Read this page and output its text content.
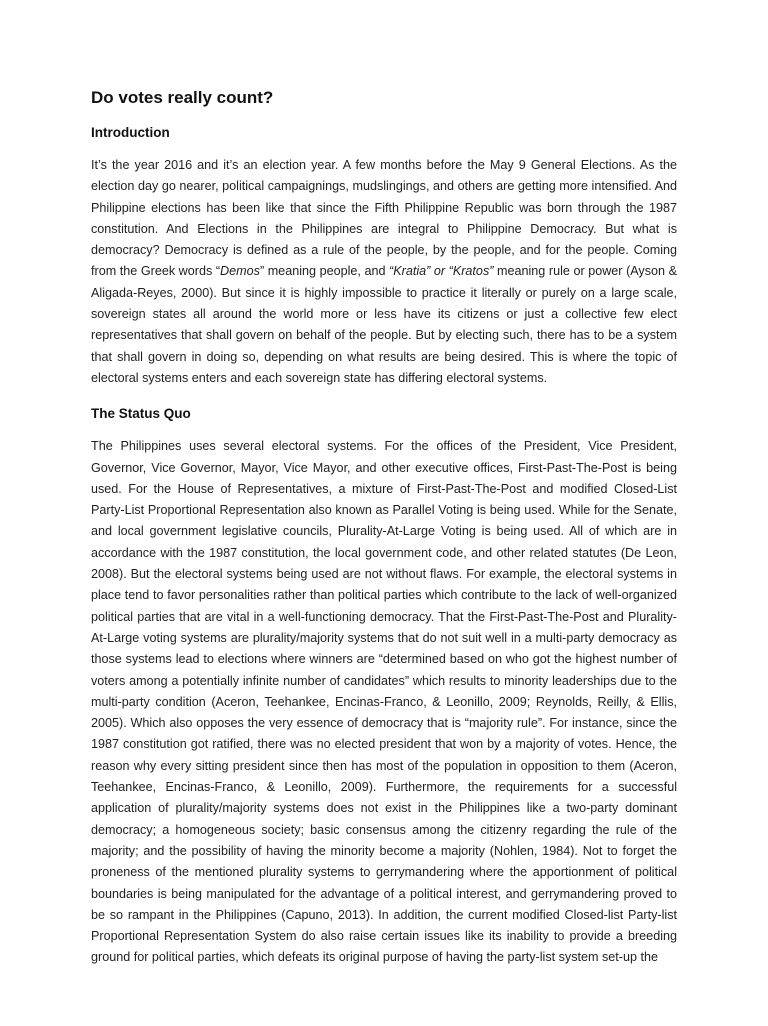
Do votes really count?
Introduction

It’s the year 2016 and it’s an election year. A few months before the May 9 General Elections. As the election day go nearer, political campaignings, mudslingings, and others are getting more intensified. And Philippine elections has been like that since the Fifth Philippine Republic was born through the 1987 constitution. And Elections in the Philippines are integral to Philippine Democracy. But what is democracy? Democracy is defined as a rule of the people, by the people, and for the people. Coming from the Greek words “Demos” meaning people, and “Kratia” or “Kratos” meaning rule or power (Ayson & Aligada-Reyes, 2000). But since it is highly impossible to practice it literally or purely on a large scale, sovereign states all around the world more or less have its citizens or just a collective few elect representatives that shall govern on behalf of the people. But by electing such, there has to be a system that shall govern in doing so, depending on what results are being desired. This is where the topic of electoral systems enters and each sovereign state has differing electoral systems.

The Status Quo

The Philippines uses several electoral systems. For the offices of the President, Vice President, Governor, Vice Governor, Mayor, Vice Mayor, and other executive offices, First-Past-The-Post is being used. For the House of Representatives, a mixture of First-Past-The-Post and modified Closed-List Party-List Proportional Representation also known as Parallel Voting is being used. While for the Senate, and local government legislative councils, Plurality-At-Large Voting is being used. All of which are in accordance with the 1987 constitution, the local government code, and other related statutes (De Leon, 2008). But the electoral systems being used are not without flaws. For example, the electoral systems in place tend to favor personalities rather than political parties which contribute to the lack of well-organized political parties that are vital in a well-functioning democracy. That the First-Past-The-Post and Plurality-At-Large voting systems are plurality/majority systems that do not suit well in a multi-party democracy as those systems lead to elections where winners are “determined based on who got the highest number of voters among a potentially infinite number of candidates” which results to minority leaderships due to the multi-party condition (Aceron, Teehankee, Encinas-Franco, & Leonillo, 2009; Reynolds, Reilly, & Ellis, 2005). Which also opposes the very essence of democracy that is “majority rule”. For instance, since the 1987 constitution got ratified, there was no elected president that won by a majority of votes. Hence, the reason why every sitting president since then has most of the population in opposition to them (Aceron, Teehankee, Encinas-Franco, & Leonillo, 2009). Furthermore, the requirements for a successful application of plurality/majority systems does not exist in the Philippines like a two-party dominant democracy; a homogeneous society; basic consensus among the citizenry regarding the rule of the majority; and the possibility of having the minority become a majority (Nohlen, 1984). Not to forget the proneness of the mentioned plurality systems to gerrymandering where the apportionment of political boundaries is being manipulated for the advantage of a political interest, and gerrymandering proved to be so rampant in the Philippines (Capuno, 2013). In addition, the current modified Closed-list Party-list Proportional Representation System do also raise certain issues like its inability to provide a breeding ground for political parties, which defeats its original purpose of having the party-list system set-up the
